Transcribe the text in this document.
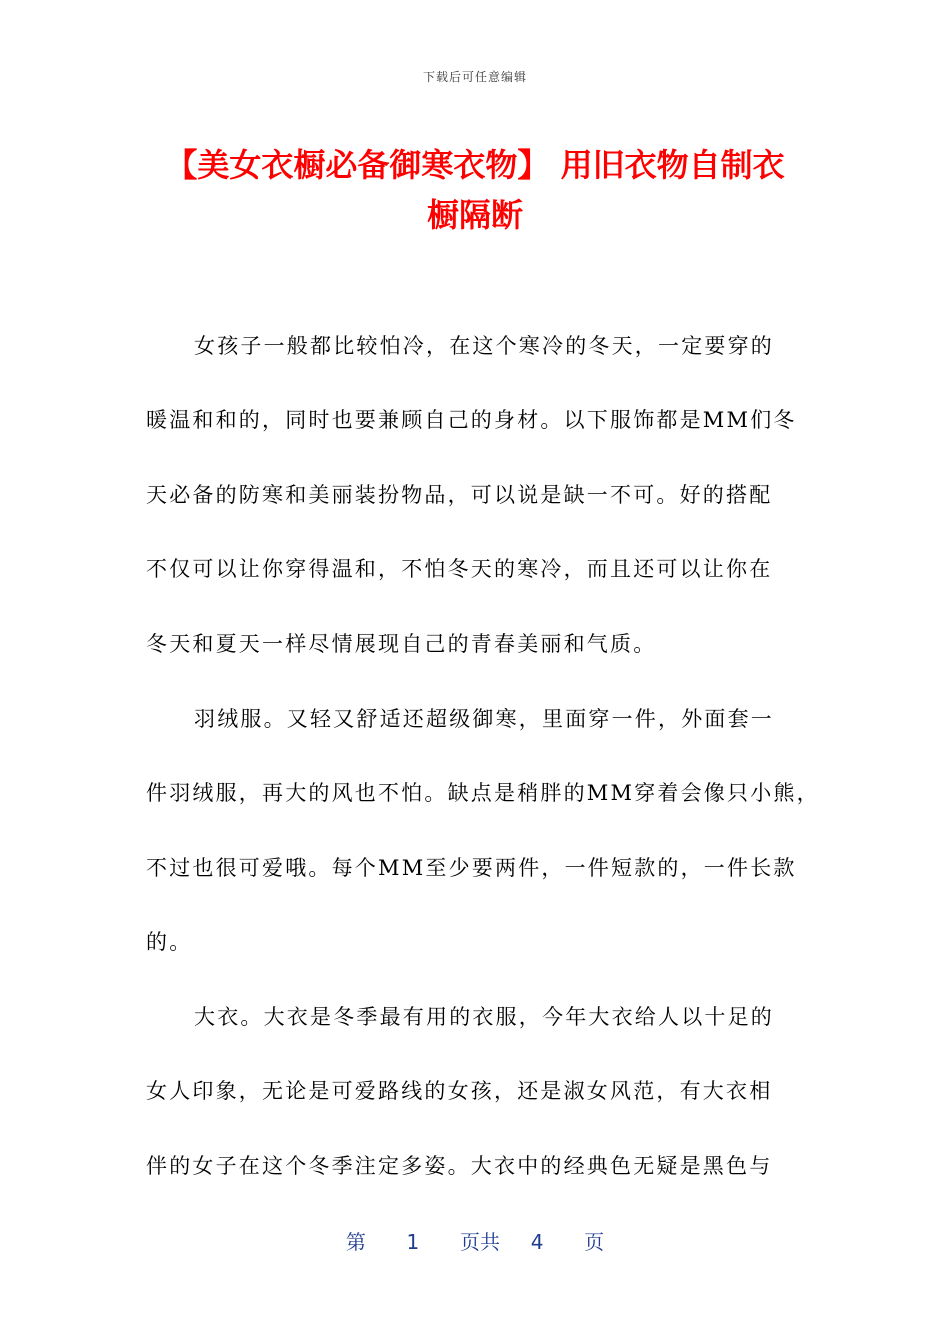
下载后可任意编辑
【美女衣橱必备御寒衣物】 用旧衣物自制衣橱隔断

女孩子一般都比较怕冷，在这个寒冷的冬天，一定要穿的

暖温和和的，同时也要兼顾自己的身材。以下服饰都是MM们冬

天必备的防寒和美丽装扮物品，可以说是缺一不可。好的搭配

不仅可以让你穿得温和，不怕冬天的寒冷，而且还可以让你在

冬天和夏天一样尽情展现自己的青春美丽和气质。

羽绒服。又轻又舒适还超级御寒，里面穿一件，外面套一

件羽绒服，再大的风也不怕。缺点是稍胖的MM穿着会像只小熊，

不过也很可爱哦。每个MM至少要两件，一件短款的，一件长款

的。

大衣。大衣是冬季最有用的衣服，今年大衣给人以十足的

女人印象，无论是可爱路线的女孩，还是淑女风范，有大衣相

伴的女子在这个冬季注定多姿。大衣中的经典色无疑是黑色与

第 1 页共 4 页
